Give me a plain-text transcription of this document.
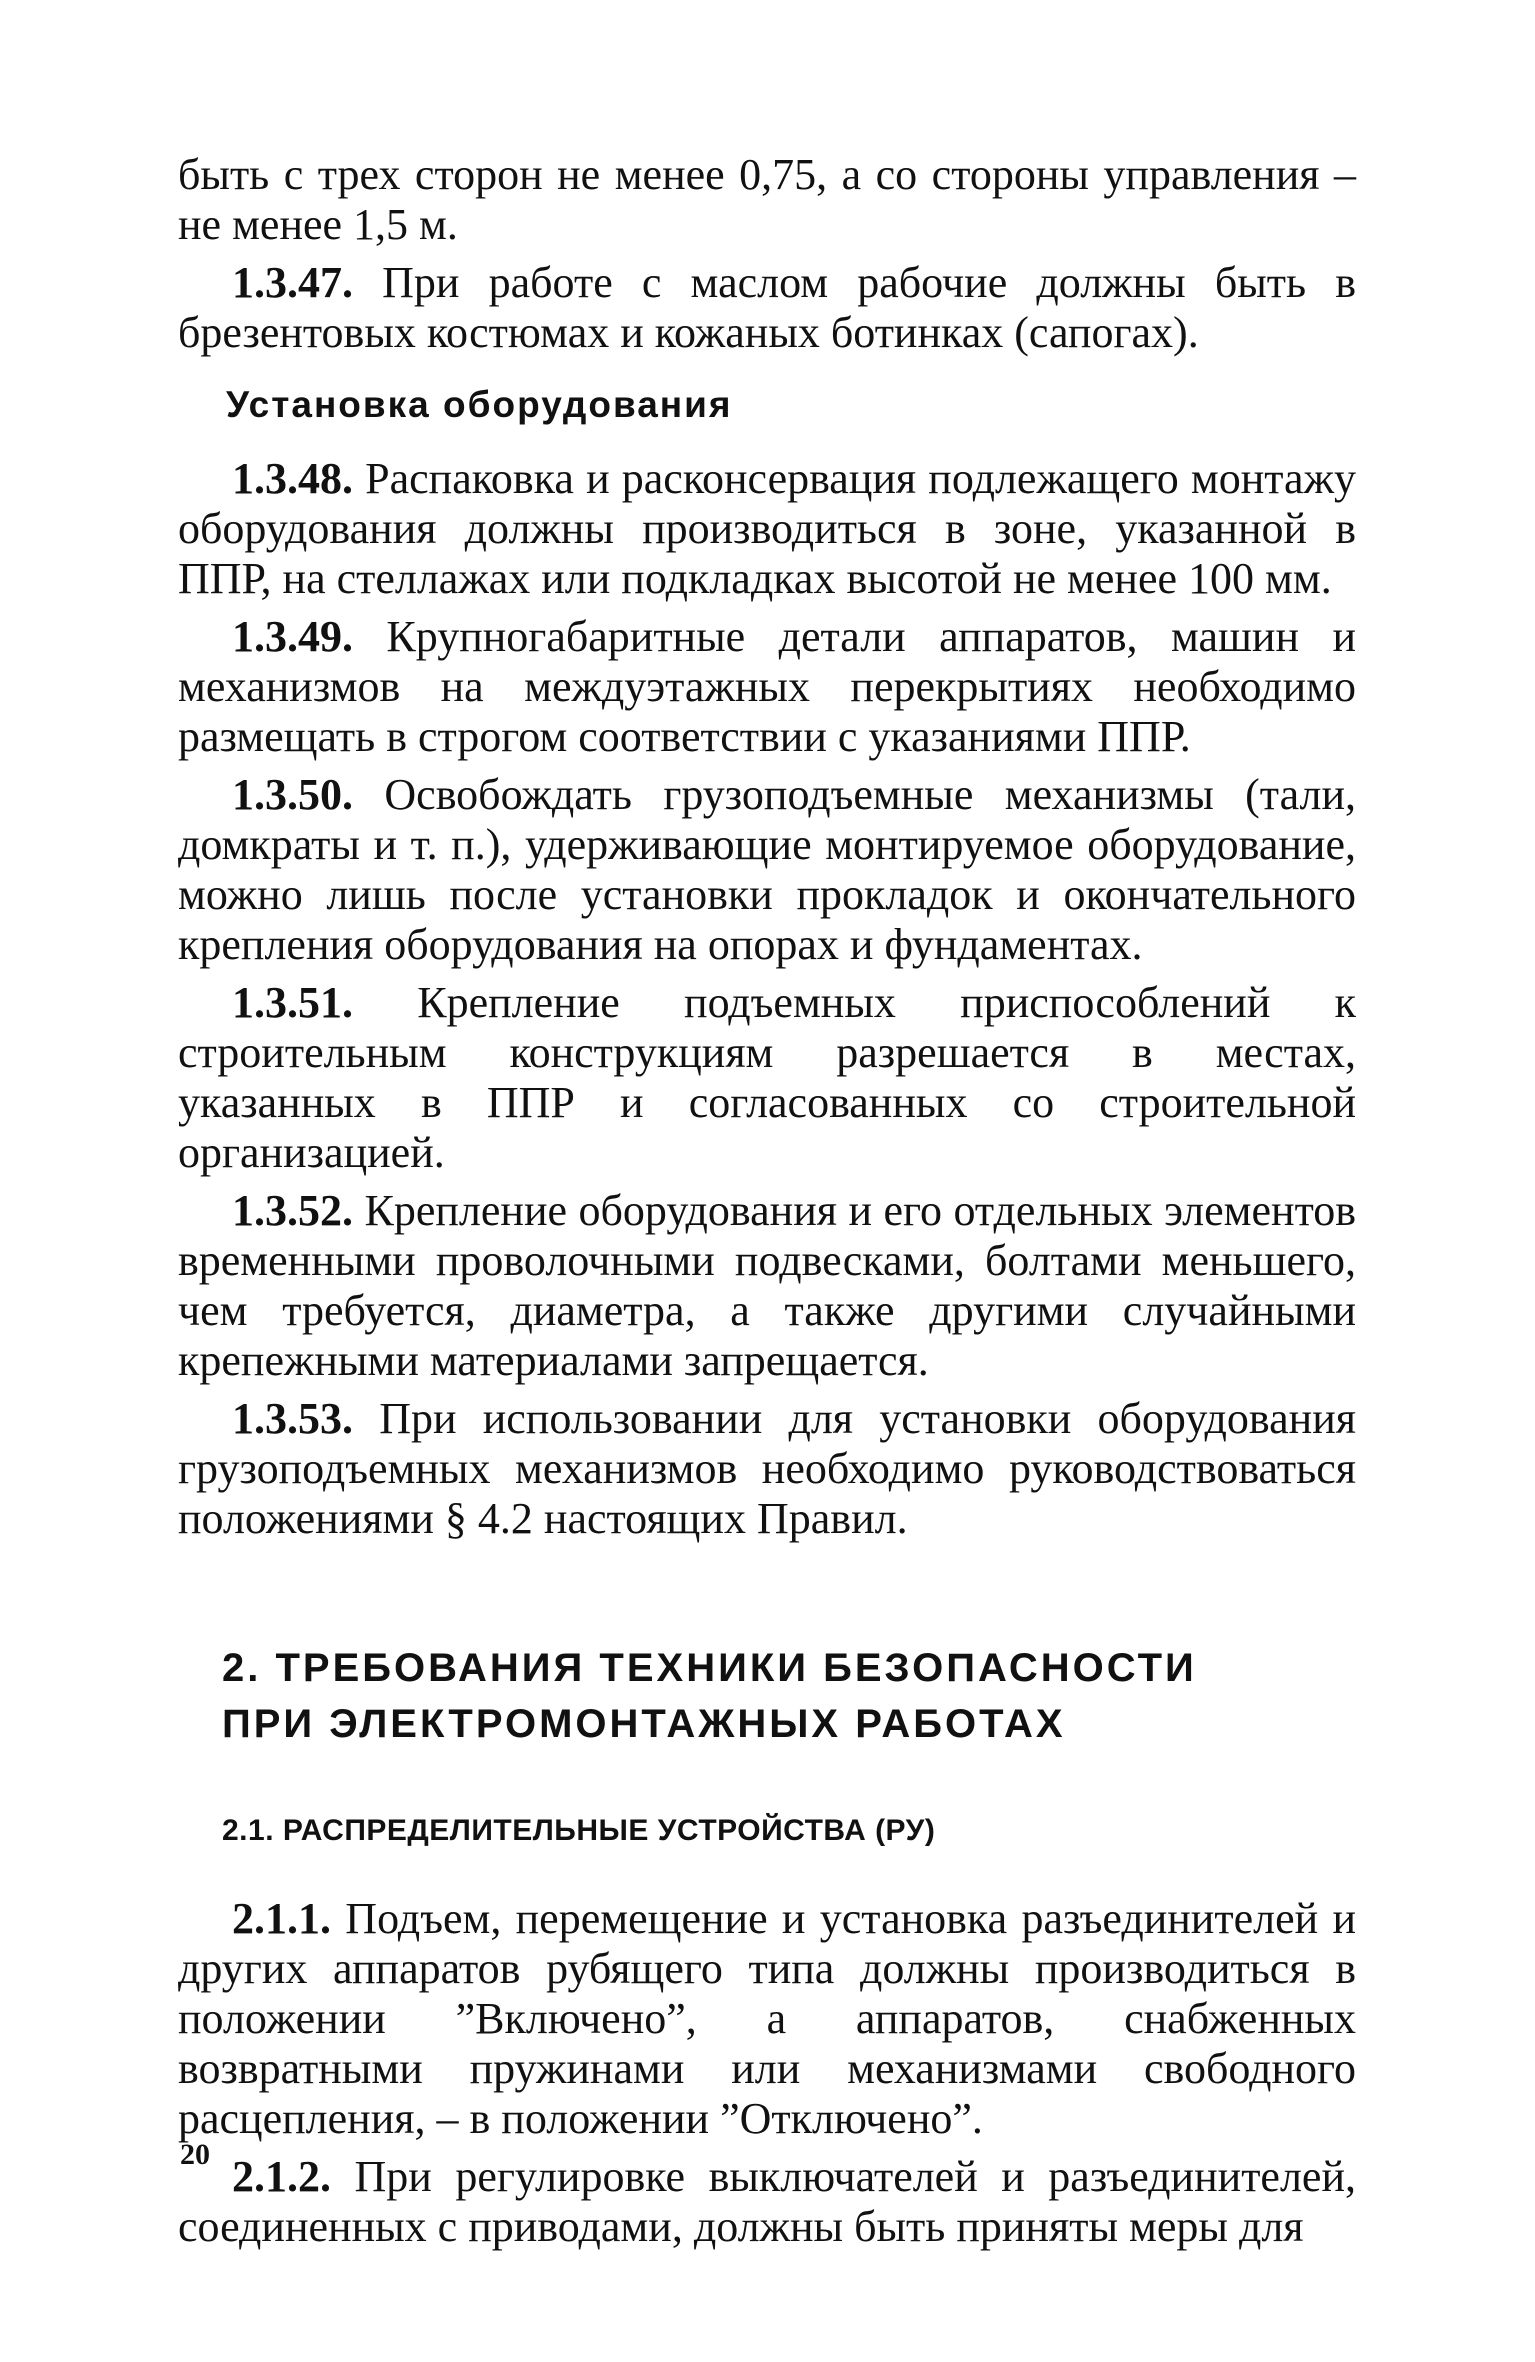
быть с трех сторон не менее 0,75, а со стороны управления – не менее 1,5 м.

1.3.47. При работе с маслом рабочие должны быть в брезентовых костюмах и кожаных ботинках (сапогах).

Установка оборудования

1.3.48. Распаковка и расконсервация подлежащего монтажу оборудования должны производиться в зоне, указанной в ППР, на стеллажах или подкладках высотой не менее 100 мм.

1.3.49. Крупногабаритные детали аппаратов, машин и механизмов на междуэтажных перекрытиях необходимо размещать в строгом соответствии с указаниями ППР.

1.3.50. Освобождать грузоподъемные механизмы (тали, домкраты и т. п.), удерживающие монтируемое оборудование, можно лишь после установки прокладок и окончательного крепления оборудования на опорах и фундаментах.

1.3.51. Крепление подъемных приспособлений к строительным конструкциям разрешается в местах, указанных в ППР и согласованных со строительной организацией.

1.3.52. Крепление оборудования и его отдельных элементов временными проволочными подвесками, болтами меньшего, чем требуется, диаметра, а также другими случайными крепежными материалами запрещается.

1.3.53. При использовании для установки оборудования грузоподъемных механизмов необходимо руководствоваться положениями § 4.2 настоящих Правил.

2. ТРЕБОВАНИЯ ТЕХНИКИ БЕЗОПАСНОСТИ
ПРИ ЭЛЕКТРОМОНТАЖНЫХ РАБОТАХ
2.1. РАСПРЕДЕЛИТЕЛЬНЫЕ УСТРОЙСТВА (РУ)

2.1.1. Подъем, перемещение и установка разъединителей и других аппаратов рубящего типа должны производиться в положении ”Включено”, а аппаратов, снабженных возвратными пружинами или механизмами свободного расцепления, – в положении ”Отключено”.

2.1.2. При регулировке выключателей и разъединителей, соединенных с приводами, должны быть приняты меры для

20
